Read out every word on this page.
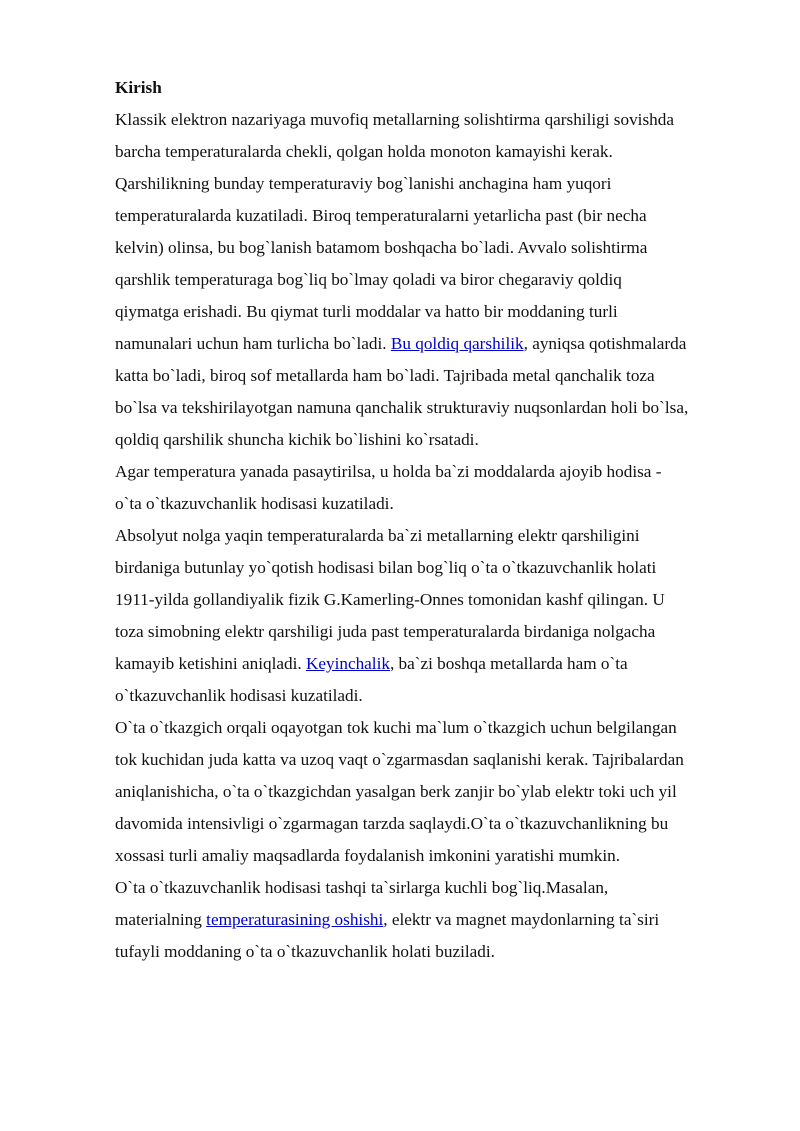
Kirish

Klassik elektron nazariyaga muvofiq metallarning solishtirma qarshiligi sovishda
barcha temperaturalarda chekli, qolgan holda monoton kamayishi kerak.
Qarshilikning bunday temperaturaviy bog`lanishi anchagina ham yuqori
temperaturalarda kuzatiladi. Biroq temperaturalarni yetarlicha past (bir necha
kelvin) olinsa, bu bog`lanish batamom boshqacha bo`ladi. Avvalo solishtirma
qarshlik temperaturaga bog`liq bo`lmay qoladi va biror chegaraviy qoldiq
qiymatga erishadi. Bu qiymat turli moddalar va hatto bir moddaning turli
namunalari uchun ham turlicha bo`ladi. Bu qoldiq qarshilik, ayniqsa qotishmalarda
katta bo`ladi, biroq sof metallarda ham bo`ladi. Tajribada metal qanchalik toza
bo`lsa va tekshirilayotgan namuna qanchalik strukturaviy nuqsonlardan holi bo`lsa,
qoldiq qarshilik shuncha kichik bo`lishini ko`rsatadi.

Agar temperatura yanada pasaytirilsa, u holda ba`zi moddalarda ajoyib hodisa -
o`ta o`tkazuvchanlik hodisasi kuzatiladi.

Absolyut nolga yaqin temperaturalarda ba`zi metallarning elektr qarshiligini
birdaniga butunlay yo`qotish hodisasi bilan bog`liq o`ta o`tkazuvchanlik holati
1911-yilda gollandiyalik fizik G.Kamerling-Onnes tomonidan kashf qilingan. U
toza simobning elektr qarshiligi juda past temperaturalarda birdaniga nolgacha
kamayib ketishini aniqladi. Keyinchalik, ba`zi boshqa metallarda ham o`ta
o`tkazuvchanlik hodisasi kuzatiladi.

O`ta o`tkazgich orqali oqayotgan tok kuchi ma`lum o`tkazgich uchun belgilangan
tok kuchidan juda katta va uzoq vaqt o`zgarmasdan saqlanishi kerak. Tajribalardan
aniqlanishicha, o`ta o`tkazgichdan yasalgan berk zanjir bo`ylab elektr toki uch yil
davomida intensivligi o`zgarmagan tarzda saqlaydi.O`ta o`tkazuvchanlikning bu
xossasi turli amaliy maqsadlarda foydalanish imkonini yaratishi mumkin.

O`ta o`tkazuvchanlik hodisasi tashqi ta`sirlarga kuchli bog`liq.Masalan,
materialning temperaturasining oshishi, elektr va magnet maydonlarning ta`siri
tufayli moddaning o`ta o`tkazuvchanlik holati buziladi.
